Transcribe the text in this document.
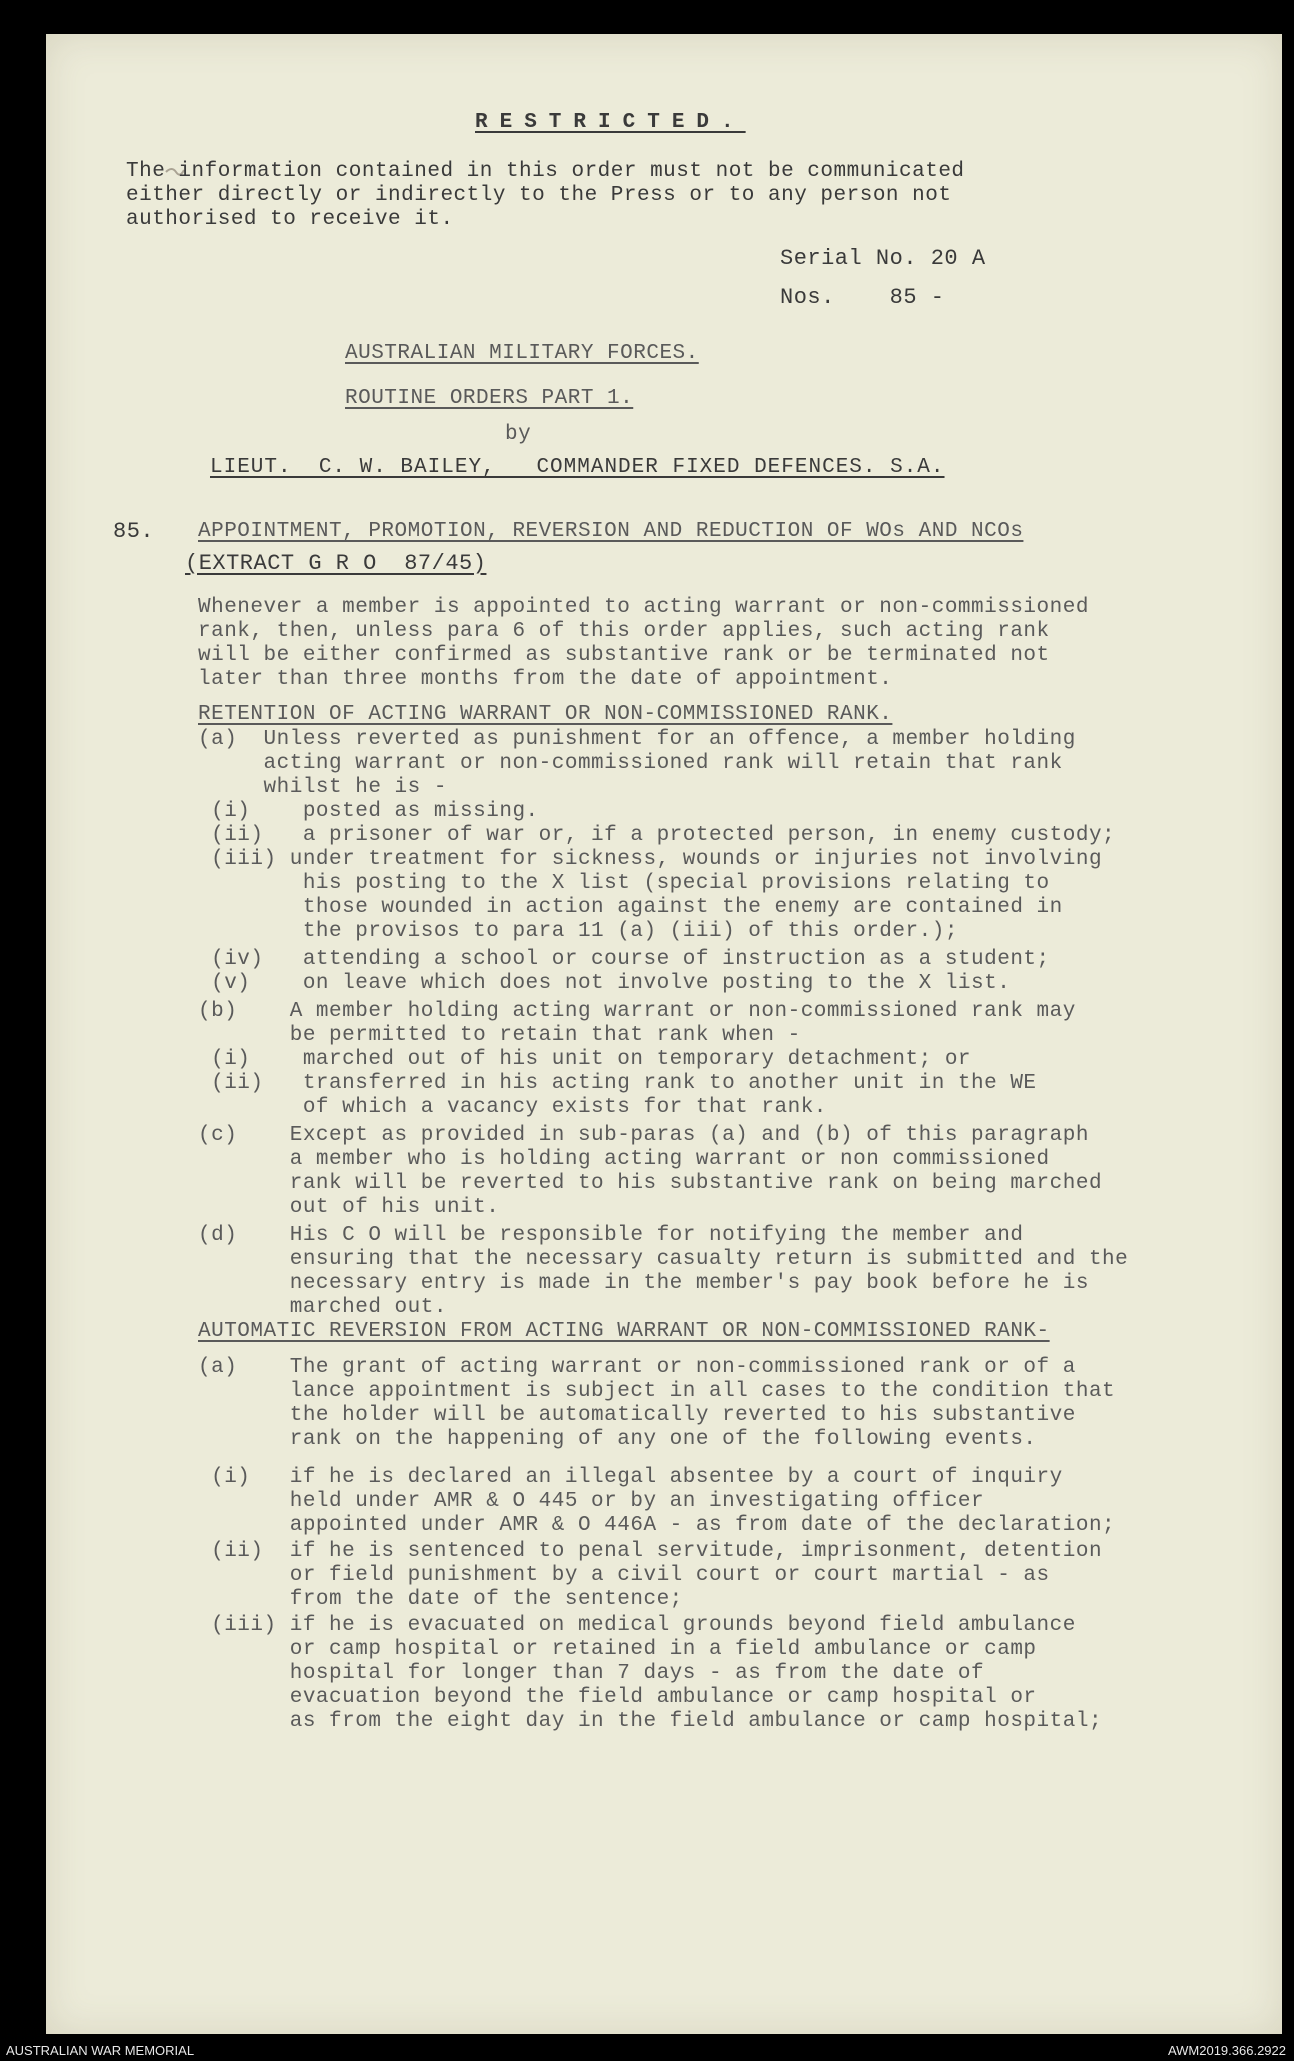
RESTRICTED.
The information contained in this order must not be communicated
either directly or indirectly to the Press or to any person not
authorised to receive it.
Serial No. 20 A
Nos.    85 -
AUSTRALIAN MILITARY FORCES.
ROUTINE ORDERS PART 1.
by
LIEUT.  C. W. BAILEY,   COMMANDER FIXED DEFENCES. S.A.
85. APPOINTMENT, PROMOTION, REVERSION AND REDUCTION OF WOs AND NCOs
(EXTRACT G R O  87/45)
Whenever a member is appointed to acting warrant or non-commissioned
rank, then, unless para 6 of this order applies, such acting rank
will be either confirmed as substantive rank or be terminated not
later than three months from the date of appointment.
RETENTION OF ACTING WARRANT OR NON-COMMISSIONED RANK.
(a)  Unless reverted as punishment for an offence, a member holding
acting warrant or non-commissioned rank will retain that rank
whilst he is -
(i)    posted as missing.
(ii)   a prisoner of war or, if a protected person, in enemy custody;
(iii) under treatment for sickness, wounds or injuries not involving
his posting to the X list (special provisions relating to
those wounded in action against the enemy are contained in
the provisos to para 11 (a) (iii) of this order.);
(iv)   attending a school or course of instruction as a student;
(v)    on leave which does not involve posting to the X list.
(b)    A member holding acting warrant or non-commissioned rank may
be permitted to retain that rank when -
(i)    marched out of his unit on temporary detachment; or
(ii)   transferred in his acting rank to another unit in the WE
of which a vacancy exists for that rank.
(c)    Except as provided in sub-paras (a) and (b) of this paragraph
a member who is holding acting warrant or non commissioned
rank will be reverted to his substantive rank on being marched
out of his unit.
(d)    His C O will be responsible for notifying the member and
ensuring that the necessary casualty return is submitted and the
necessary entry is made in the member's pay book before he is
marched out.
AUTOMATIC REVERSION FROM ACTING WARRANT OR NON-COMMISSIONED RANK-
(a)    The grant of acting warrant or non-commissioned rank or of a
lance appointment is subject in all cases to the condition that
the holder will be automatically reverted to his substantive
rank on the happening of any one of the following events.
(i)   if he is declared an illegal absentee by a court of inquiry
held under AMR & O 445 or by an investigating officer
appointed under AMR & O 446A - as from date of the declaration;
(ii)  if he is sentenced to penal servitude, imprisonment, detention
or field punishment by a civil court or court martial - as
from the date of the sentence;
(iii) if he is evacuated on medical grounds beyond field ambulance
or camp hospital or retained in a field ambulance or camp
hospital for longer than 7 days - as from the date of
evacuation beyond the field ambulance or camp hospital or
as from the eight day in the field ambulance or camp hospital;
AUSTRALIAN WAR MEMORIAL	AWM2019.366.2922
